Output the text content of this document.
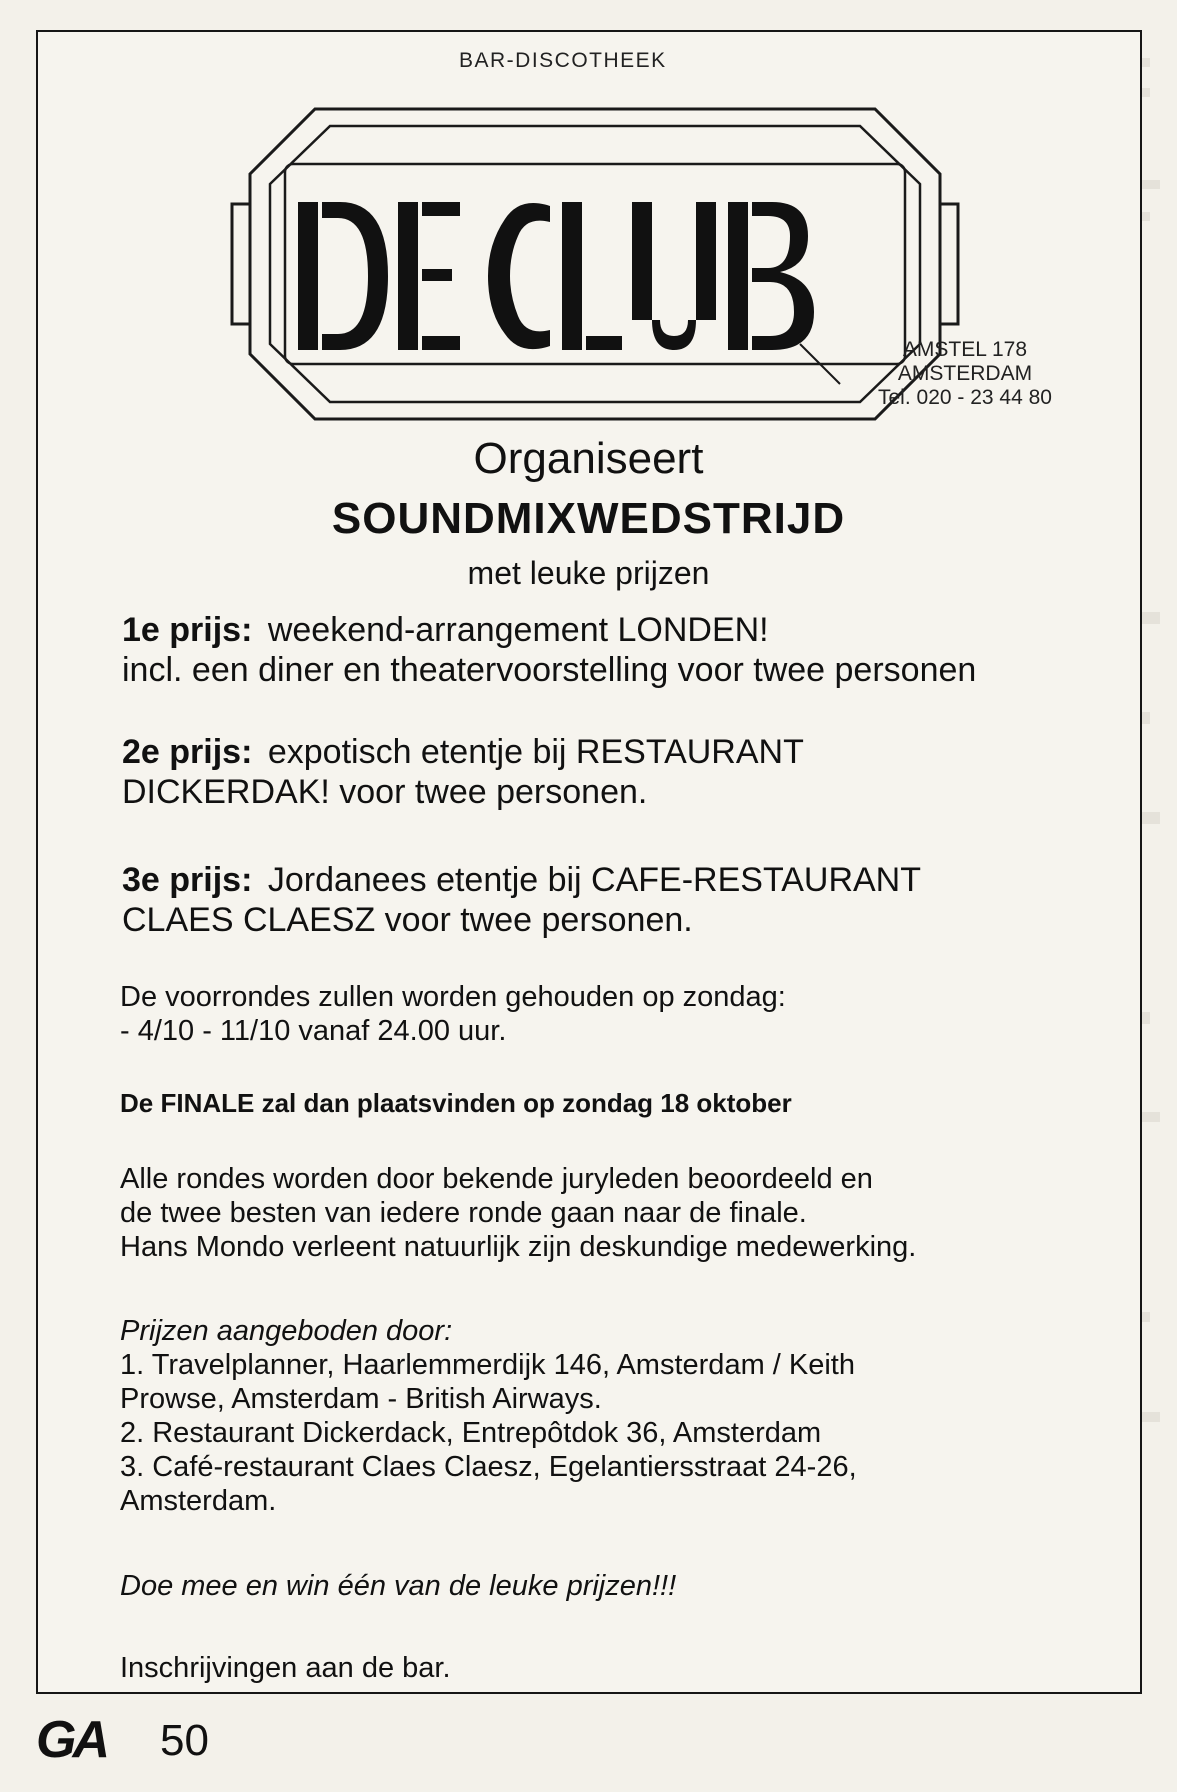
BAR-DISCOTHEEK

AMSTEL 178
AMSTERDAM
Tel. 020 - 23 44 80

Organiseert

SOUNDMIXWEDSTRIJD

met leuke prijzen

1e prijs: weekend-arrangement LONDEN!
incl. een diner en theatervoorstelling voor twee personen
2e prijs: expotisch etentje bij RESTAURANT
DICKERDAK! voor twee personen.
3e prijs: Jordanees etentje bij CAFE-RESTAURANT
CLAES CLAESZ voor twee personen.
De voorrondes zullen worden gehouden op zondag:
- 4/10 - 11/10 vanaf 24.00 uur.

De FINALE zal dan plaatsvinden op zondag 18 oktober

Alle rondes worden door bekende juryleden beoordeeld en
de twee besten van iedere ronde gaan naar de finale.
Hans Mondo verleent natuurlijk zijn deskundige medewerking.
Prijzen aangeboden door:
1. Travelplanner, Haarlemmerdijk 146, Amsterdam / Keith
Prowse, Amsterdam - British Airways.
2. Restaurant Dickerdack, Entrepôtdok 36, Amsterdam
3. Café-restaurant Claes Claesz, Egelantiersstraat 24-26,
Amsterdam.

Doe mee en win één van de leuke prijzen!!!

Inschrijvingen aan de bar.

GA 50
